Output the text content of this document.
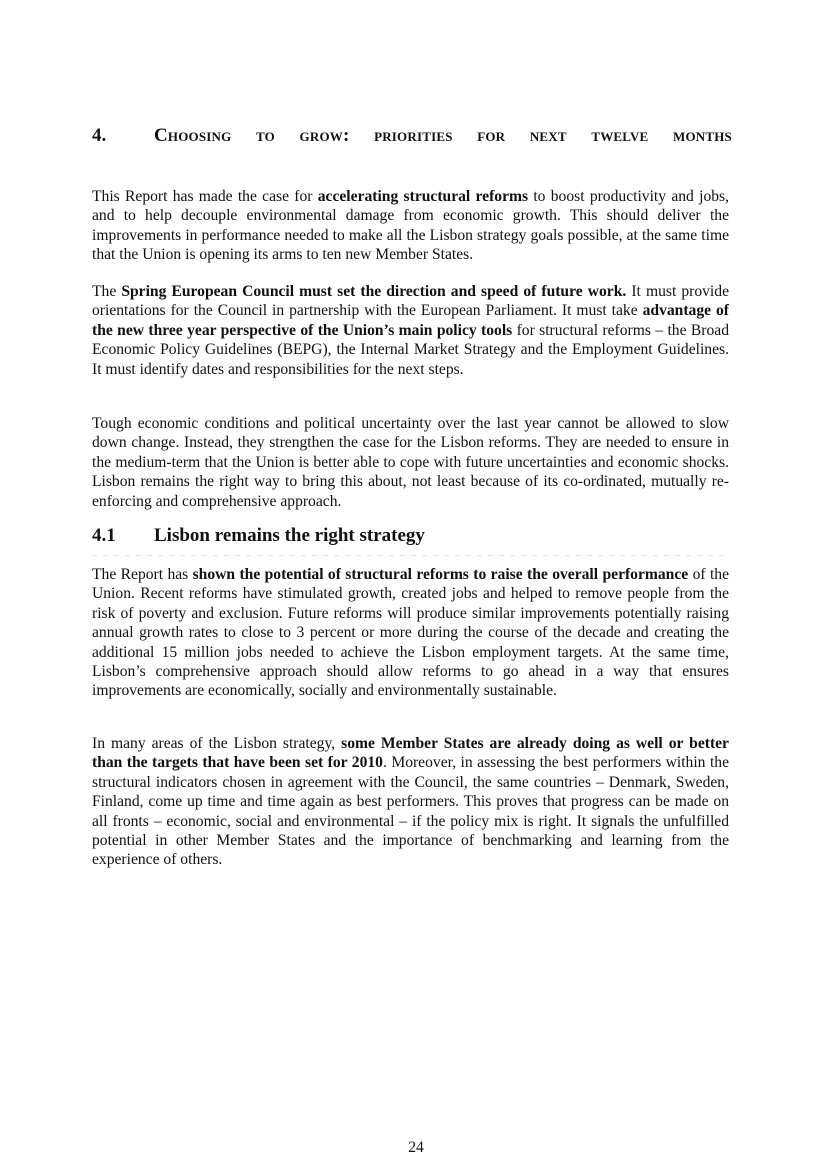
4.	Choosing to grow: priorities for next twelve months

This Report has made the case for accelerating structural reforms to boost productivity and jobs, and to help decouple environmental damage from economic growth. This should deliver the improvements in performance needed to make all the Lisbon strategy goals possible, at the same time that the Union is opening its arms to ten new Member States.

The Spring European Council must set the direction and speed of future work. It must provide orientations for the Council in partnership with the European Parliament. It must take advantage of the new three year perspective of the Union’s main policy tools for structural reforms – the Broad Economic Policy Guidelines (BEPG), the Internal Market Strategy and the Employment Guidelines. It must identify dates and responsibilities for the next steps.

Tough economic conditions and political uncertainty over the last year cannot be allowed to slow down change. Instead, they strengthen the case for the Lisbon reforms. They are needed to ensure in the medium-term that the Union is better able to cope with future uncertainties and economic shocks. Lisbon remains the right way to bring this about, not least because of its co-ordinated, mutually re-enforcing and comprehensive approach.

4.1	Lisbon remains the right strategy

The Report has shown the potential of structural reforms to raise the overall performance of the Union. Recent reforms have stimulated growth, created jobs and helped to remove people from the risk of poverty and exclusion. Future reforms will produce similar improvements potentially raising annual growth rates to close to 3 percent or more during the course of the decade and creating the additional 15 million jobs needed to achieve the Lisbon employment targets. At the same time, Lisbon’s comprehensive approach should allow reforms to go ahead in a way that ensures improvements are economically, socially and environmentally sustainable.

In many areas of the Lisbon strategy, some Member States are already doing as well or better than the targets that have been set for 2010. Moreover, in assessing the best performers within the structural indicators chosen in agreement with the Council, the same countries – Denmark, Sweden, Finland, come up time and time again as best performers. This proves that progress can be made on all fronts – economic, social and environmental – if the policy mix is right. It signals the unfulfilled potential in other Member States and the importance of benchmarking and learning from the experience of others.

24
